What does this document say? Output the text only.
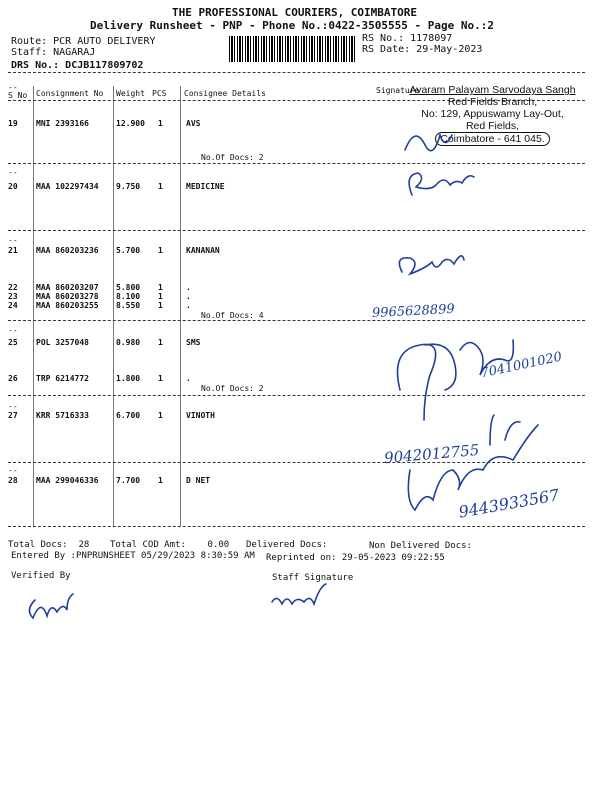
THE PROFESSIONAL COURIERS, COIMBATORE
Delivery Runsheet - PNP - Phone No.:0422-3505555 - Page No.:2
Route: PCR AUTO DELIVERY
Staff: NAGARAJ
DRS No.: DCJB117809702
RS No.: 1178097
RS Date: 29-May-2023
--
S No Consignment No Weight PCS Consignee Details	Signature
19 MNI 2393166	12.900 1	AVS
No.Of Docs: 2
--
20 MAA 102297434 9.750 1	MEDICINE
--
21 MAA 860203236 5.700 1	KANANAN
22 MAA 860203207 5.800 1	.
23 MAA 860203278 8.100 1	.
24 MAA 860203255 8.550 1	.
No.Of Docs: 4
--
25 POL 3257048	0.980 1	SMS
26 TRP 6214772	1.800 1	.
No.Of Docs: 2
--
27 KRR 5716333	6.700 1	VINOTH
--
28 MAA 299046336 7.700 1	D NET
Avaram Palayam Sarvodaya Sangh
Red Fields Branch,
No: 129, Appuswamy Lay-Out,
Red Fields,
Coimbatore - 641 045.
9965628899
7041001020
9042012755
9443933567
Total Docs:  28 Total COD Amt:    0.00 Delivered Docs:	Non Delivered Docs:
Entered By :PNPRUNSHEET 05/29/2023 8:30:59 AM Reprinted on: 29-05-2023 09:22:55
Verified By	Staff Signature
